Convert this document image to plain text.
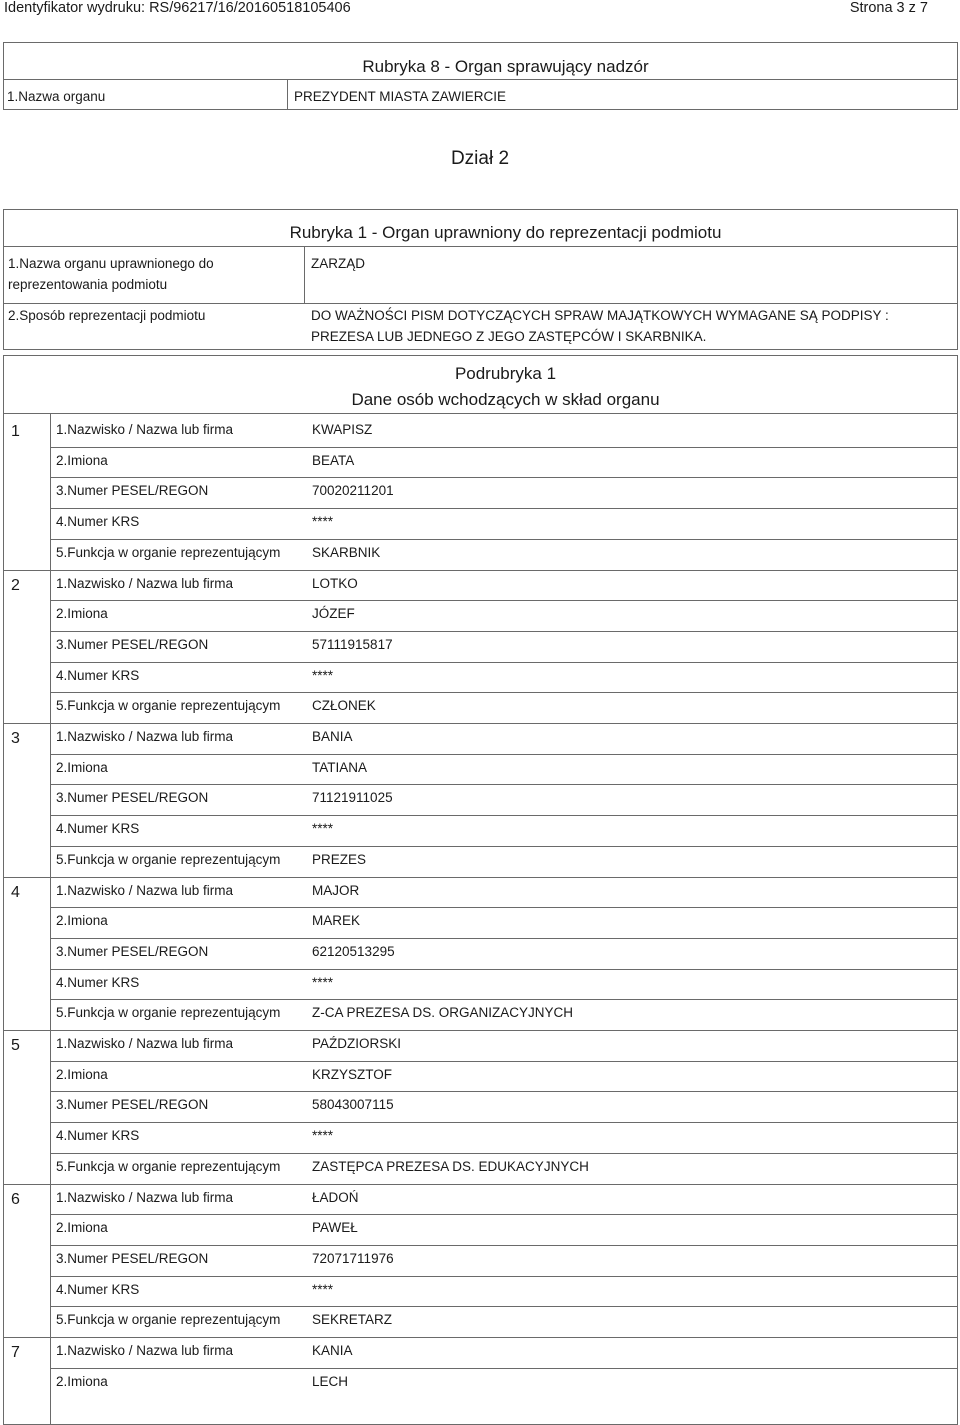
Identyfikator wydruku: RS/96217/16/20160518105406	Strona 3 z 7
Rubryka 8 - Organ sprawujący nadzór
1.Nazwa organu	PREZYDENT MIASTA ZAWIERCIE
Dział 2
Rubryka 1 - Organ uprawniony do reprezentacji podmiotu
1.Nazwa organu uprawnionego do
reprezentowania podmiotu
ZARZĄD
2.Sposób reprezentacji podmiotu	DO WAŻNOŚCI PISM DOTYCZĄCYCH SPRAW MAJĄTKOWYCH WYMAGANE SĄ PODPISY :
PREZESA LUB JEDNEGO Z JEGO ZASTĘPCÓW I SKARBNIKA.
Podrubryka 1
Dane osób wchodzących w skład organu
1	1.Nazwisko / Nazwa lub firma	KWAPISZ
2.Imiona	BEATA
3.Numer PESEL/REGON	70020211201
4.Numer KRS	****
5.Funkcja w organie reprezentującym SKARBNIK
2	1.Nazwisko / Nazwa lub firma	LOTKO
2.Imiona	JÓZEF
3.Numer PESEL/REGON	57111915817
4.Numer KRS	****
5.Funkcja w organie reprezentującym CZŁONEK
3	1.Nazwisko / Nazwa lub firma	BANIA
2.Imiona	TATIANA
3.Numer PESEL/REGON	71121911025
4.Numer KRS	****
5.Funkcja w organie reprezentującym PREZES
4	1.Nazwisko / Nazwa lub firma	MAJOR
2.Imiona	MAREK
3.Numer PESEL/REGON	62120513295
4.Numer KRS	****
5.Funkcja w organie reprezentującym Z-CA PREZESA DS. ORGANIZACYJNYCH
5	1.Nazwisko / Nazwa lub firma	PAŹDZIORSKI
2.Imiona	KRZYSZTOF
3.Numer PESEL/REGON	58043007115
4.Numer KRS	****
5.Funkcja w organie reprezentującym ZASTĘPCA PREZESA DS. EDUKACYJNYCH
6	1.Nazwisko / Nazwa lub firma	ŁADOŃ
2.Imiona	PAWEŁ
3.Numer PESEL/REGON	72071711976
4.Numer KRS	****
5.Funkcja w organie reprezentującym SEKRETARZ
7	1.Nazwisko / Nazwa lub firma	KANIA
2.Imiona	LECH
